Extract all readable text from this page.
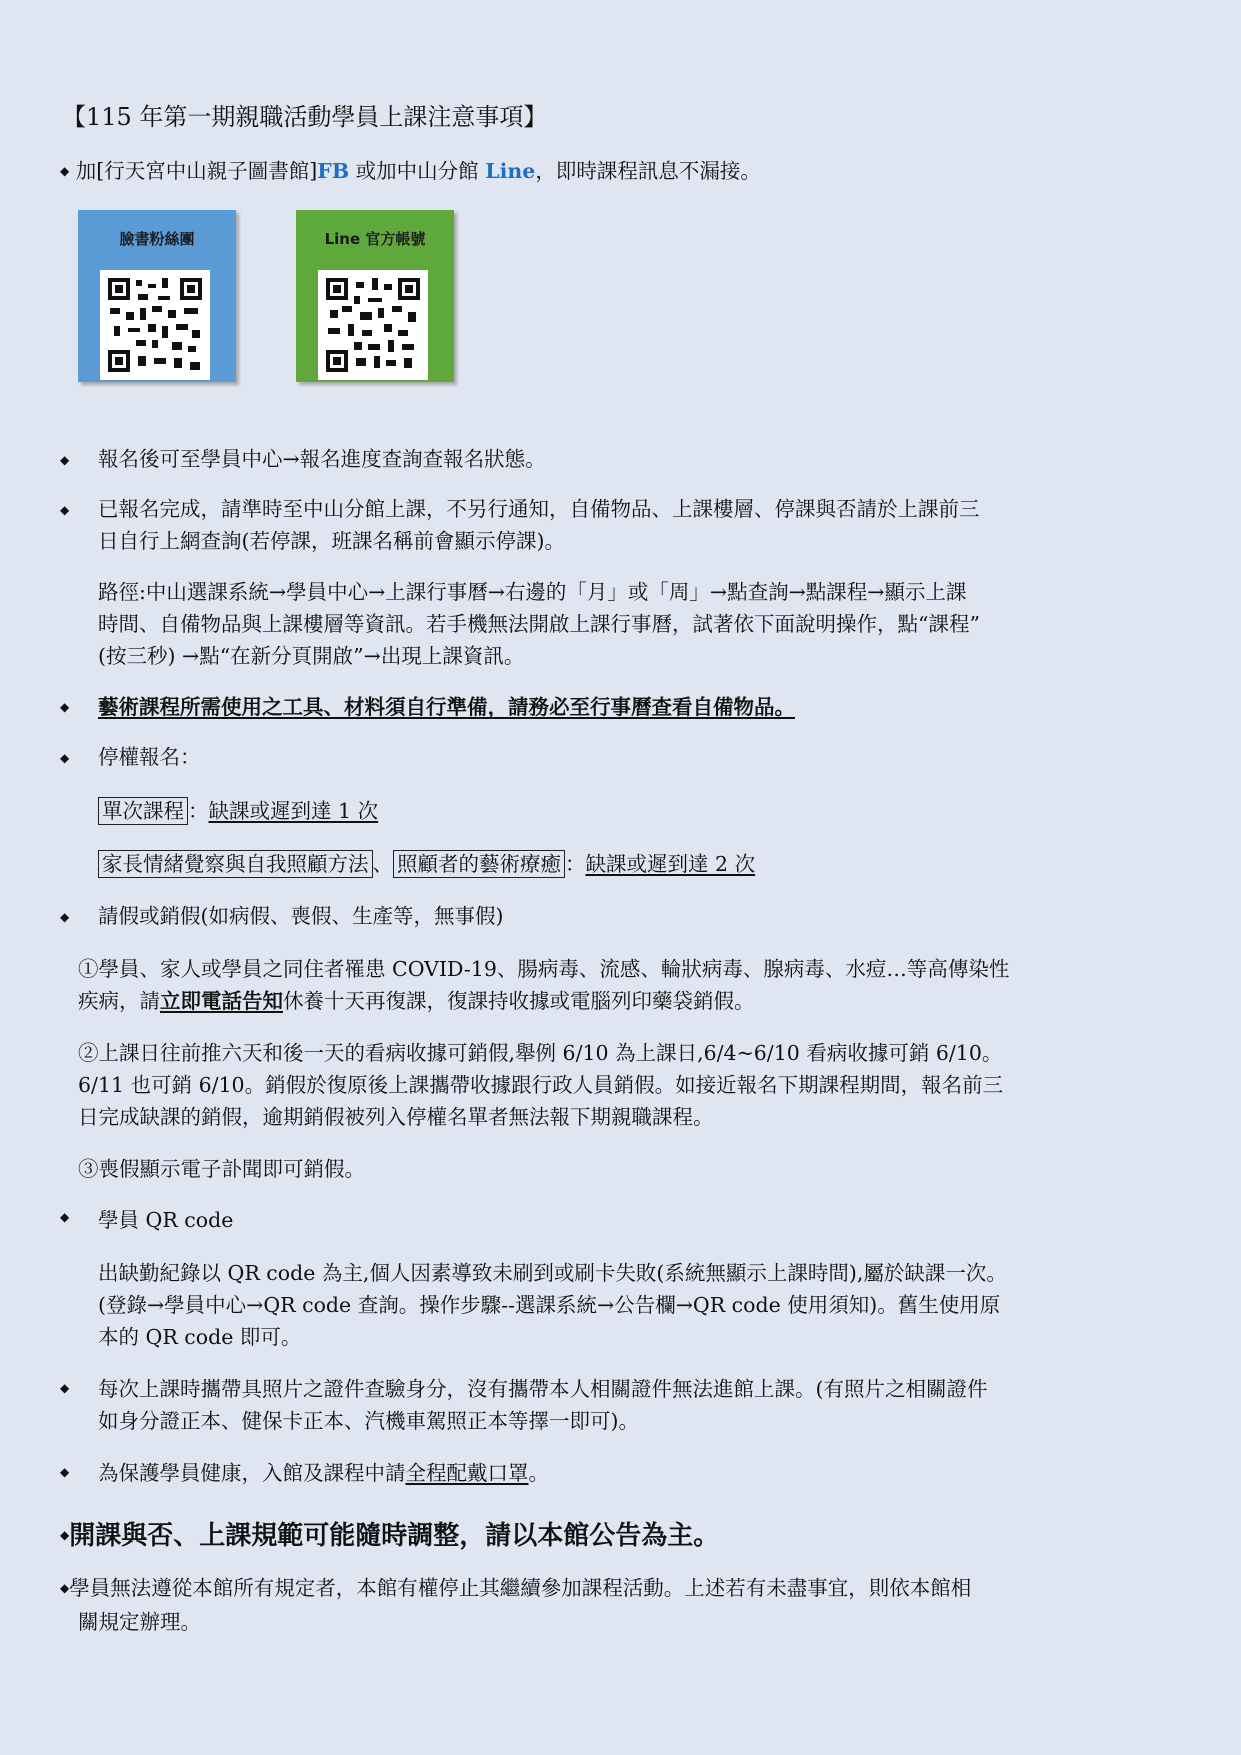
【115 年第一期親職活動學員上課注意事項】
◆ 加[行天宮中山親子圖書館]FB 或加中山分館 Line，即時課程訊息不漏接。
臉書粉絲團	Line 官方帳號
◆ 報名後可至學員中心→報名進度查詢查報名狀態。
◆ 已報名完成，請準時至中山分館上課，不另行通知，自備物品、上課樓層、停課與否請於上課前三
日自行上網查詢(若停課，班課名稱前會顯示停課)。
路徑:中山選課系統→學員中心→上課行事曆→右邊的「月」或「周」→點查詢→點課程→顯示上課
時間、自備物品與上課樓層等資訊。若手機無法開啟上課行事曆，試著依下面說明操作，點“課程”
(按三秒) →點“在新分頁開啟”→出現上課資訊。
◆ 藝術課程所需使用之工具、材料須自行準備，請務必至行事曆查看自備物品。
◆ 停權報名：
單次課程 ：缺課或遲到達 1 次
家長情緒覺察與自我照顧方法 、 照顧者的藝術療癒 ：缺課或遲到達 2 次
◆ 請假或銷假(如病假、喪假、生產等，無事假)
①學員、家人或學員之同住者罹患 COVID-19、腸病毒、流感、輪狀病毒、腺病毒、水痘…等高傳染性
疾病，請立即電話告知休養十天再復課，復課持收據或電腦列印藥袋銷假。
②上課日往前推六天和後一天的看病收據可銷假,舉例 6/10 為上課日,6/4~6/10 看病收據可銷 6/10。
6/11 也可銷 6/10。銷假於復原後上課攜帶收據跟行政人員銷假。如接近報名下期課程期間，報名前三
日完成缺課的銷假，逾期銷假被列入停權名單者無法報下期親職課程。
③喪假顯示電子訃聞即可銷假。
◆ 學員 QR code
出缺勤紀錄以 QR code 為主,個人因素導致未刷到或刷卡失敗(系統無顯示上課時間),屬於缺課一次。
(登錄→學員中心→QR code 查詢。操作步驟--選課系統→公告欄→QR code 使用須知)。舊生使用原
本的 QR code 即可。
◆ 每次上課時攜帶具照片之證件查驗身分，沒有攜帶本人相關證件無法進館上課。(有照片之相關證件
如身分證正本、健保卡正本、汽機車駕照正本等擇一即可)。
◆ 為保護學員健康，入館及課程中請全程配戴口罩。
◆開課與否、上課規範可能隨時調整，請以本館公告為主。
◆學員無法遵從本館所有規定者，本館有權停止其繼續參加課程活動。上述若有未盡事宜，則依本館相
關規定辦理。
